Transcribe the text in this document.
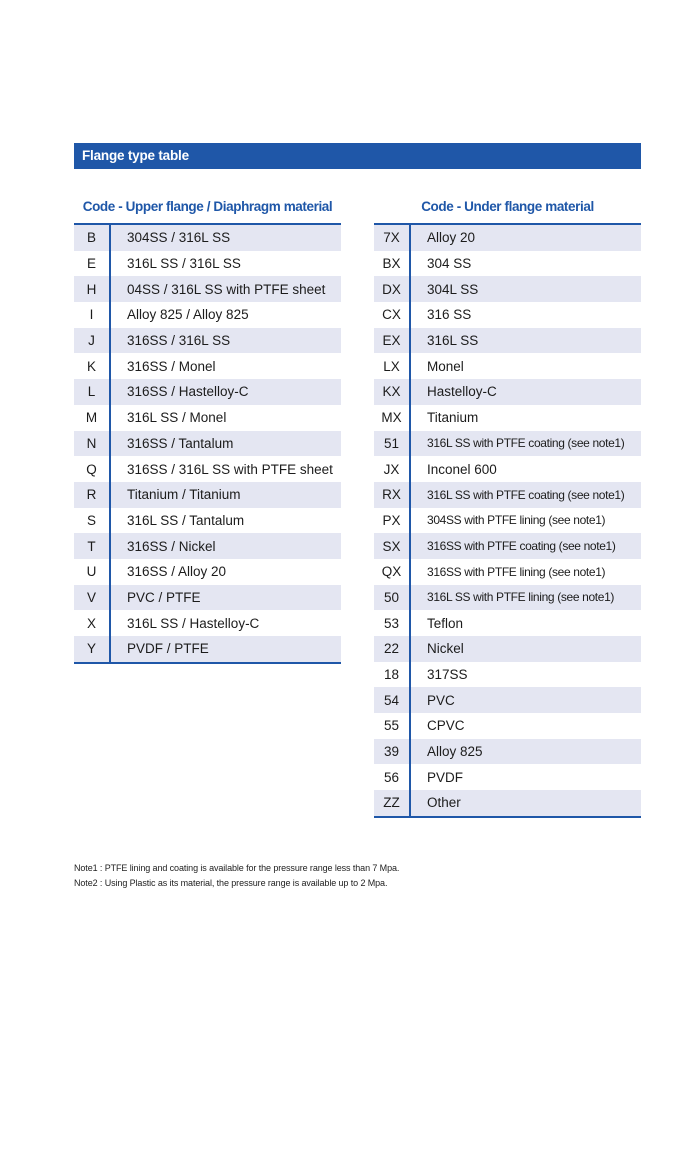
Flange type table
Code - Upper flange / Diaphragm material
B	304SS / 316L SS
E	316L SS / 316L SS
H	04SS / 316L SS with PTFE sheet
I	Alloy 825 / Alloy 825
J	316SS / 316L SS
K	316SS / Monel
L	316SS / Hastelloy-C
M	316L SS / Monel
N	316SS / Tantalum
Q	316SS / 316L SS with PTFE sheet
R	Titanium / Titanium
S	316L SS / Tantalum
T	316SS / Nickel
U	316SS / Alloy 20
V	PVC / PTFE
X	316L SS / Hastelloy-C
Y	PVDF / PTFE
Code - Under flange material
7X	Alloy 20
BX	304 SS
DX	304L SS
CX	316 SS
EX	316L SS
LX	Monel
KX	Hastelloy-C
MX	Titanium
51	316L SS with PTFE coating (see note1)
JX	Inconel 600
RX	316L SS with PTFE coating (see note1)
PX	304SS with PTFE lining (see note1)
SX	316SS with PTFE coating (see note1)
QX	316SS with PTFE lining (see note1)
50	316L SS with PTFE lining (see note1)
53	Teflon
22	Nickel
18	317SS
54	PVC
55	CPVC
39	Alloy 825
56	PVDF
ZZ	Other
Note1 : PTFE lining and coating is available for the pressure range less than 7 Mpa.
Note2 : Using Plastic as its material, the pressure range is available up to 2 Mpa.
